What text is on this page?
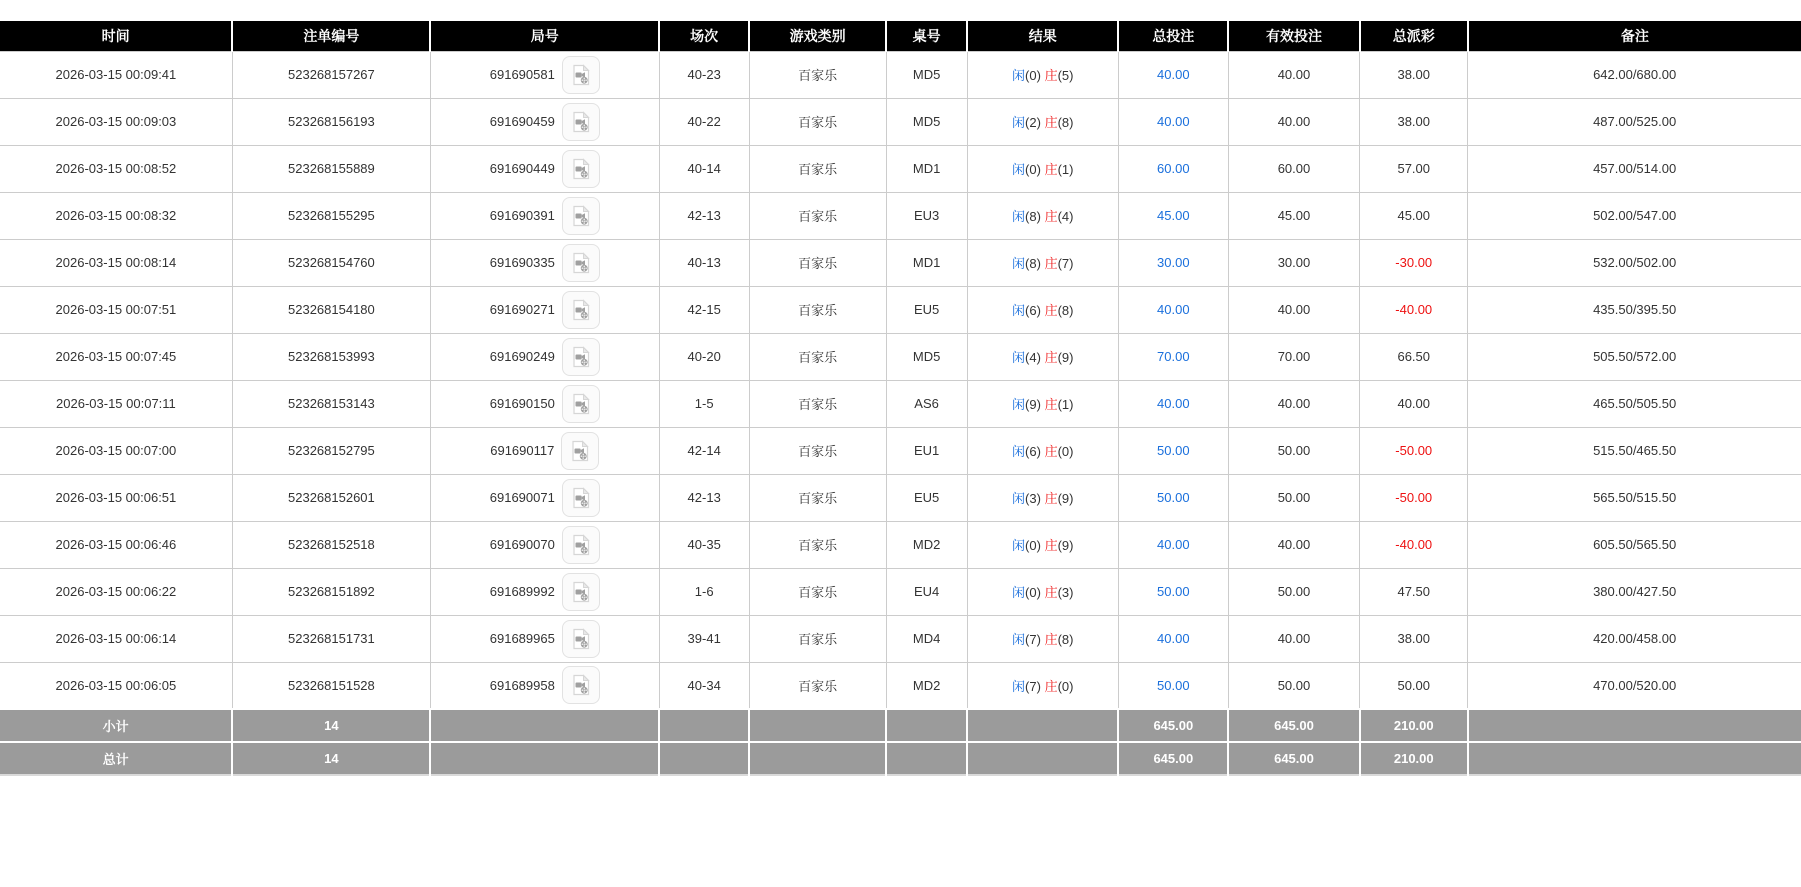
时间	注单编号	局号	场次	游戏类别	桌号	结果	总投注	有效投注	总派彩	备注
2026-03-15 00:09:41	523268157267	691690581	40-23	百家乐	MD5	闲(0) 庄(5)	40.00	40.00	38.00	642.00/680.00
2026-03-15 00:09:03	523268156193	691690459	40-22	百家乐	MD5	闲(2) 庄(8)	40.00	40.00	38.00	487.00/525.00
2026-03-15 00:08:52	523268155889	691690449	40-14	百家乐	MD1	闲(0) 庄(1)	60.00	60.00	57.00	457.00/514.00
2026-03-15 00:08:32	523268155295	691690391	42-13	百家乐	EU3	闲(8) 庄(4)	45.00	45.00	45.00	502.00/547.00
2026-03-15 00:08:14	523268154760	691690335	40-13	百家乐	MD1	闲(8) 庄(7)	30.00	30.00	-30.00	532.00/502.00
2026-03-15 00:07:51	523268154180	691690271	42-15	百家乐	EU5	闲(6) 庄(8)	40.00	40.00	-40.00	435.50/395.50
2026-03-15 00:07:45	523268153993	691690249	40-20	百家乐	MD5	闲(4) 庄(9)	70.00	70.00	66.50	505.50/572.00
2026-03-15 00:07:11	523268153143	691690150	1-5	百家乐	AS6	闲(9) 庄(1)	40.00	40.00	40.00	465.50/505.50
2026-03-15 00:07:00	523268152795	691690117	42-14	百家乐	EU1	闲(6) 庄(0)	50.00	50.00	-50.00	515.50/465.50
2026-03-15 00:06:51	523268152601	691690071	42-13	百家乐	EU5	闲(3) 庄(9)	50.00	50.00	-50.00	565.50/515.50
2026-03-15 00:06:46	523268152518	691690070	40-35	百家乐	MD2	闲(0) 庄(9)	40.00	40.00	-40.00	605.50/565.50
2026-03-15 00:06:22	523268151892	691689992	1-6	百家乐	EU4	闲(0) 庄(3)	50.00	50.00	47.50	380.00/427.50
2026-03-15 00:06:14	523268151731	691689965	39-41	百家乐	MD4	闲(7) 庄(8)	40.00	40.00	38.00	420.00/458.00
2026-03-15 00:06:05	523268151528	691689958	40-34	百家乐	MD2	闲(7) 庄(0)	50.00	50.00	50.00	470.00/520.00
小计	14						645.00	645.00	210.00	
总计	14						645.00	645.00	210.00	
